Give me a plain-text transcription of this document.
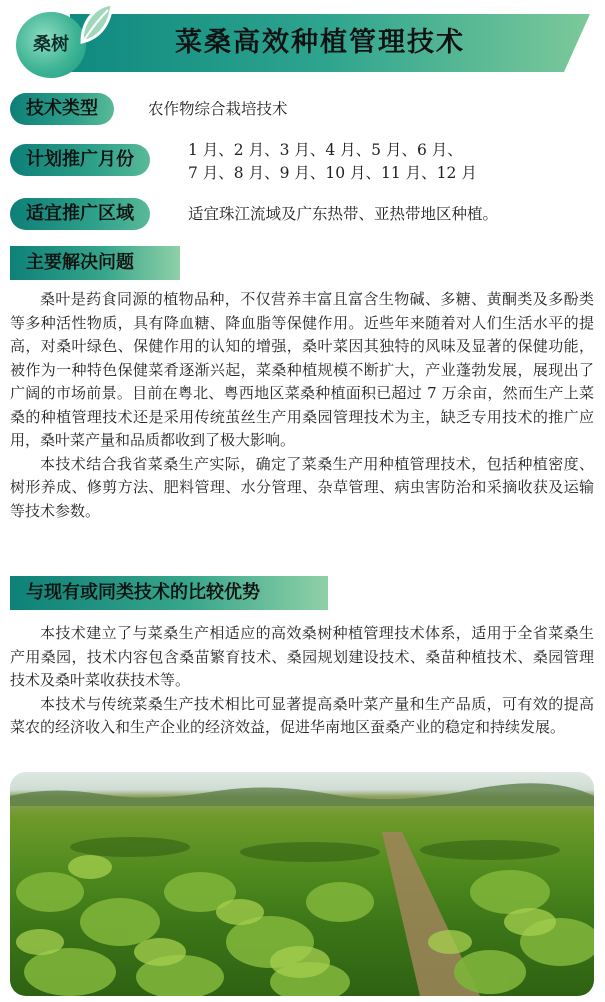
菜桑高效种植管理技术
桑树
技术类型	农作物综合栽培技术
计划推广月份	1 月、2 月、3 月、4 月、5 月、6 月、
7 月、8 月、9 月、10 月、11 月、12 月
适宜推广区域	适宜珠江流域及广东热带、亚热带地区种植。
主要解决问题

桑叶是药食同源的植物品种，不仅营养丰富且富含生物碱、多糖、黄酮类及多酚类等多种活性物质，具有降血糖、降血脂等保健作用。近些年来随着对人们生活水平的提高，对桑叶绿色、保健作用的认知的增强，桑叶菜因其独特的风味及显著的保健功能，被作为一种特色保健菜肴逐渐兴起，菜桑种植规模不断扩大，产业蓬勃发展，展现出了广阔的市场前景。目前在粤北、粤西地区菜桑种植面积已超过 7 万余亩，然而生产上菜桑的种植管理技术还是采用传统茧丝生产用桑园管理技术为主，缺乏专用技术的推广应用，桑叶菜产量和品质都收到了极大影响。

本技术结合我省菜桑生产实际，确定了菜桑生产用种植管理技术，包括种植密度、树形养成、修剪方法、肥料管理、水分管理、杂草管理、病虫害防治和采摘收获及运输等技术参数。

与现有或同类技术的比较优势

本技术建立了与菜桑生产相适应的高效桑树种植管理技术体系，适用于全省菜桑生产用桑园，技术内容包含桑苗繁育技术、桑园规划建设技术、桑苗种植技术、桑园管理技术及桑叶菜收获技术等。

本技术与传统菜桑生产技术相比可显著提高桑叶菜产量和生产品质，可有效的提高菜农的经济收入和生产企业的经济效益，促进华南地区蚕桑产业的稳定和持续发展。
